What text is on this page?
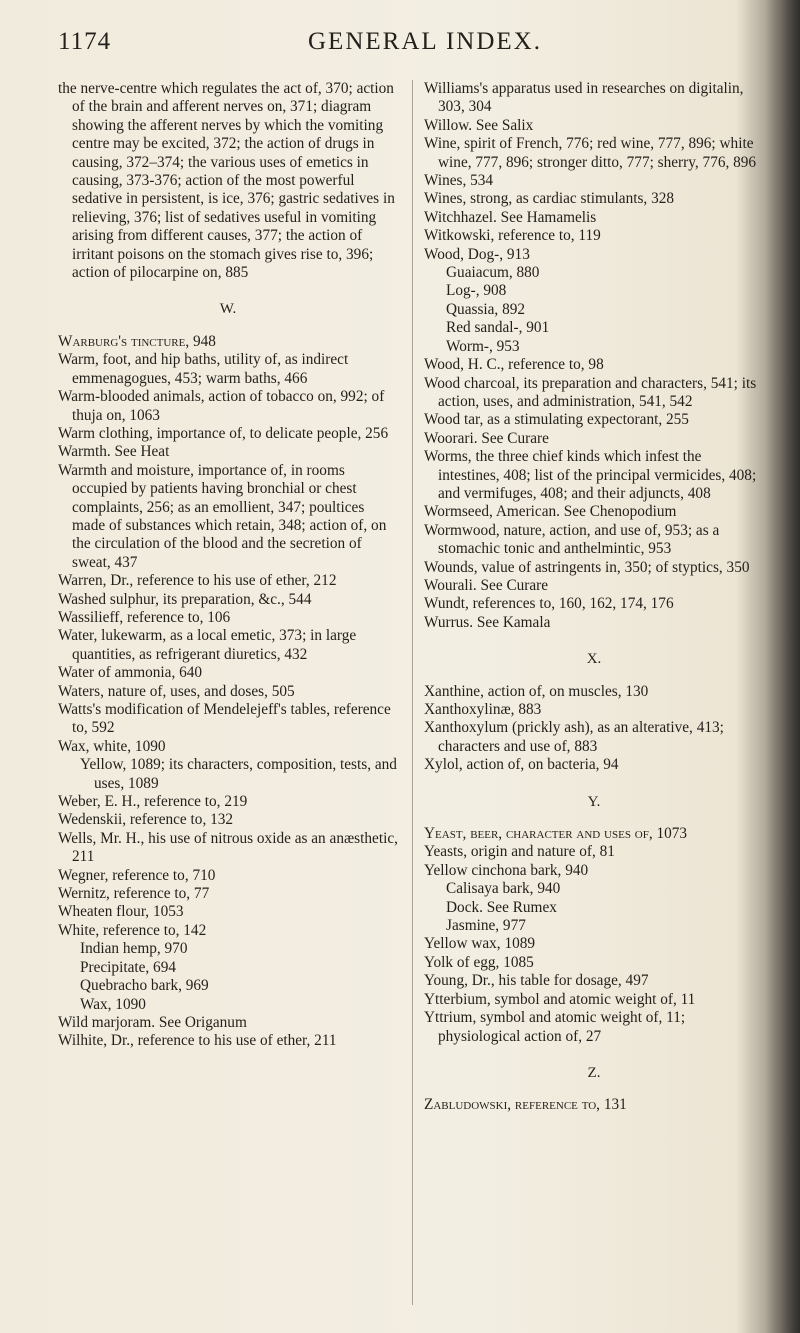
1174	GENERAL INDEX.
the nerve-centre which regulates the act of, 370; action of the brain and afferent nerves on, 371; diagram showing the afferent nerves by which the vomiting centre may be excited, 372; the action of drugs in causing, 372–374; the various uses of emetics in causing, 373-376; action of the most powerful sedative in persistent, is ice, 376; gastric sedatives in relieving, 376; list of sedatives useful in vomiting arising from different causes, 377; the action of irritant poisons on the stomach gives rise to, 396; action of pilocarpine on, 885
W.
Warburg's tincture, 948
Warm, foot, and hip baths, utility of, as indirect emmenagogues, 453; warm baths, 466
Warm-blooded animals, action of tobacco on, 992; of thuja on, 1063
Warm clothing, importance of, to delicate people, 256
Warmth. See Heat
Warmth and moisture, importance of, in rooms occupied by patients having bronchial or chest complaints, 256; as an emollient, 347; poultices made of substances which retain, 348; action of, on the circulation of the blood and the secretion of sweat, 437
Warren, Dr., reference to his use of ether, 212
Washed sulphur, its preparation, &c., 544
Wassilieff, reference to, 106
Water, lukewarm, as a local emetic, 373; in large quantities, as refrigerant diuretics, 432
Water of ammonia, 640
Waters, nature of, uses, and doses, 505
Watts's modification of Mendelejeff's tables, reference to, 592
Wax, white, 1090
Yellow, 1089; its characters, composition, tests, and uses, 1089
Weber, E. H., reference to, 219
Wedenskii, reference to, 132
Wells, Mr. H., his use of nitrous oxide as an anæsthetic, 211
Wegner, reference to, 710
Wernitz, reference to, 77
Wheaten flour, 1053
White, reference to, 142
Indian hemp, 970
Precipitate, 694
Quebracho bark, 969
Wax, 1090
Wild marjoram. See Origanum
Wilhite, Dr., reference to his use of ether, 211
Williams's apparatus used in researches on digitalin, 303, 304
Willow. See Salix
Wine, spirit of French, 776; red wine, 777, 896; white wine, 777, 896; stronger ditto, 777; sherry, 776, 896
Wines, 534
Wines, strong, as cardiac stimulants, 328
Witchhazel. See Hamamelis
Witkowski, reference to, 119
Wood, Dog-, 913
Guaiacum, 880
Log-, 908
Quassia, 892
Red sandal-, 901
Worm-, 953
Wood, H. C., reference to, 98
Wood charcoal, its preparation and characters, 541; its action, uses, and administration, 541, 542
Wood tar, as a stimulating expectorant, 255
Woorari. See Curare
Worms, the three chief kinds which infest the intestines, 408; list of the principal vermicides, 408; and vermifuges, 408; and their adjuncts, 408
Wormseed, American. See Chenopodium
Wormwood, nature, action, and use of, 953; as a stomachic tonic and anthelmintic, 953
Wounds, value of astringents in, 350; of styptics, 350
Wourali. See Curare
Wundt, references to, 160, 162, 174, 176
Wurrus. See Kamala
X.
Xanthine, action of, on muscles, 130
Xanthoxylinæ, 883
Xanthoxylum (prickly ash), as an alterative, 413; characters and use of, 883
Xylol, action of, on bacteria, 94
Y.
Yeast, beer, character and uses of, 1073
Yeasts, origin and nature of, 81
Yellow cinchona bark, 940
Calisaya bark, 940
Dock. See Rumex
Jasmine, 977
Yellow wax, 1089
Yolk of egg, 1085
Young, Dr., his table for dosage, 497
Ytterbium, symbol and atomic weight of, 11
Yttrium, symbol and atomic weight of, 11; physiological action of, 27
Z.
Zabludowski, reference to, 131
